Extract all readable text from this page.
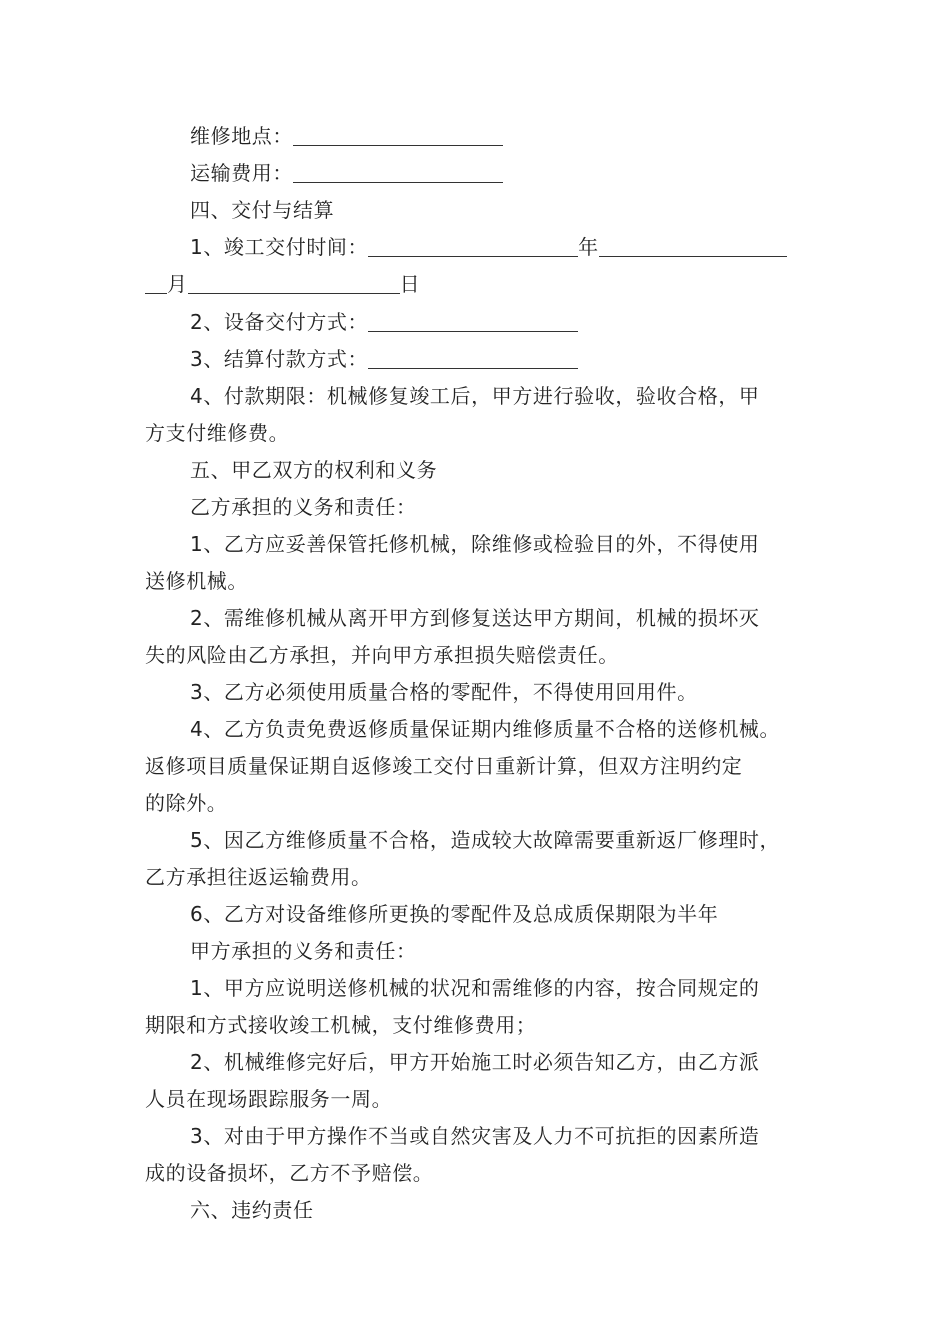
维修地点：
运输费用：
四、交付与结算
1、竣工交付时间：	年
月	日
2、设备交付方式：
3、结算付款方式：
4、付款期限：机械修复竣工后，甲方进行验收，验收合格，甲
方支付维修费。
五、甲乙双方的权利和义务
乙方承担的义务和责任：
1、乙方应妥善保管托修机械，除维修或检验目的外，不得使用
送修机械。
2、需维修机械从离开甲方到修复送达甲方期间，机械的损坏灭
失的风险由乙方承担，并向甲方承担损失赔偿责任。
3、乙方必须使用质量合格的零配件，不得使用回用件。
4、乙方负责免费返修质量保证期内维修质量不合格的送修机械。
返修项目质量保证期自返修竣工交付日重新计算，但双方注明约定
的除外。
5、因乙方维修质量不合格，造成较大故障需要重新返厂修理时，
乙方承担往返运输费用。
6、乙方对设备维修所更换的零配件及总成质保期限为半年
甲方承担的义务和责任：
1、甲方应说明送修机械的状况和需维修的内容，按合同规定的
期限和方式接收竣工机械，支付维修费用；
2、机械维修完好后，甲方开始施工时必须告知乙方，由乙方派
人员在现场跟踪服务一周。
3、对由于甲方操作不当或自然灾害及人力不可抗拒的因素所造
成的设备损坏，乙方不予赔偿。
六、违约责任
